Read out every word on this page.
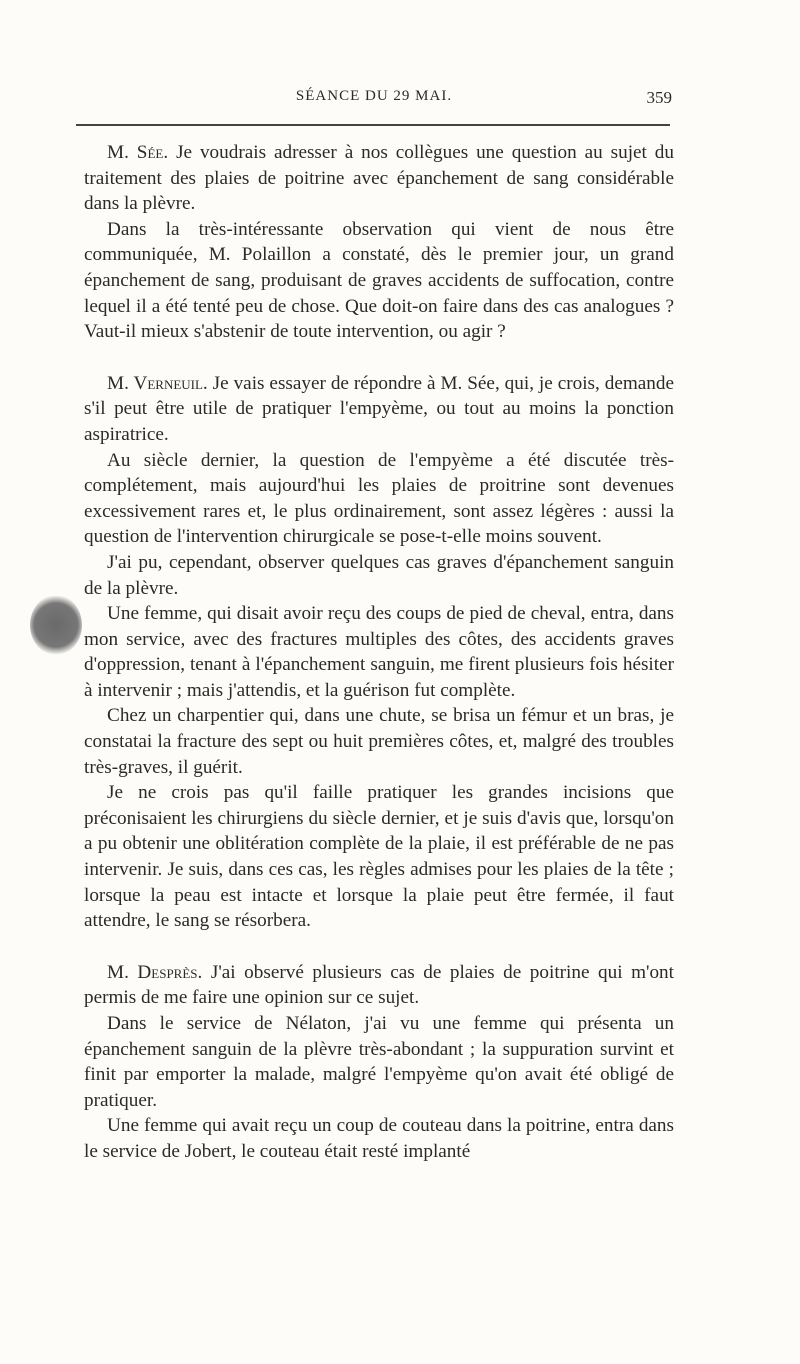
SÉANCE DU 29 MAI.	359

M. Sée. Je voudrais adresser à nos collègues une question au sujet du traitement des plaies de poitrine avec épanchement de sang considérable dans la plèvre.

Dans la très-intéressante observation qui vient de nous être communiquée, M. Polaillon a constaté, dès le premier jour, un grand épanchement de sang, produisant de graves accidents de suffocation, contre lequel il a été tenté peu de chose. Que doit-on faire dans des cas analogues ? Vaut-il mieux s'abstenir de toute intervention, ou agir ?

M. Verneuil. Je vais essayer de répondre à M. Sée, qui, je crois, demande s'il peut être utile de pratiquer l'empyème, ou tout au moins la ponction aspiratrice.

Au siècle dernier, la question de l'empyème a été discutée très-complétement, mais aujourd'hui les plaies de proitrine sont devenues excessivement rares et, le plus ordinairement, sont assez légères : aussi la question de l'intervention chirurgicale se pose-t-elle moins souvent.

J'ai pu, cependant, observer quelques cas graves d'épanchement sanguin de la plèvre.

Une femme, qui disait avoir reçu des coups de pied de cheval, entra, dans mon service, avec des fractures multiples des côtes, des accidents graves d'oppression, tenant à l'épanchement sanguin, me firent plusieurs fois hésiter à intervenir ; mais j'attendis, et la guérison fut complète.

Chez un charpentier qui, dans une chute, se brisa un fémur et un bras, je constatai la fracture des sept ou huit premières côtes, et, malgré des troubles très-graves, il guérit.

Je ne crois pas qu'il faille pratiquer les grandes incisions que préconisaient les chirurgiens du siècle dernier, et je suis d'avis que, lorsqu'on a pu obtenir une oblitération complète de la plaie, il est préférable de ne pas intervenir. Je suis, dans ces cas, les règles admises pour les plaies de la tête ; lorsque la peau est intacte et lorsque la plaie peut être fermée, il faut attendre, le sang se résorbera.

M. Desprès. J'ai observé plusieurs cas de plaies de poitrine qui m'ont permis de me faire une opinion sur ce sujet.

Dans le service de Nélaton, j'ai vu une femme qui présenta un épanchement sanguin de la plèvre très-abondant ; la suppuration survint et finit par emporter la malade, malgré l'empyème qu'on avait été obligé de pratiquer.

Une femme qui avait reçu un coup de couteau dans la poitrine, entra dans le service de Jobert, le couteau était resté implanté
